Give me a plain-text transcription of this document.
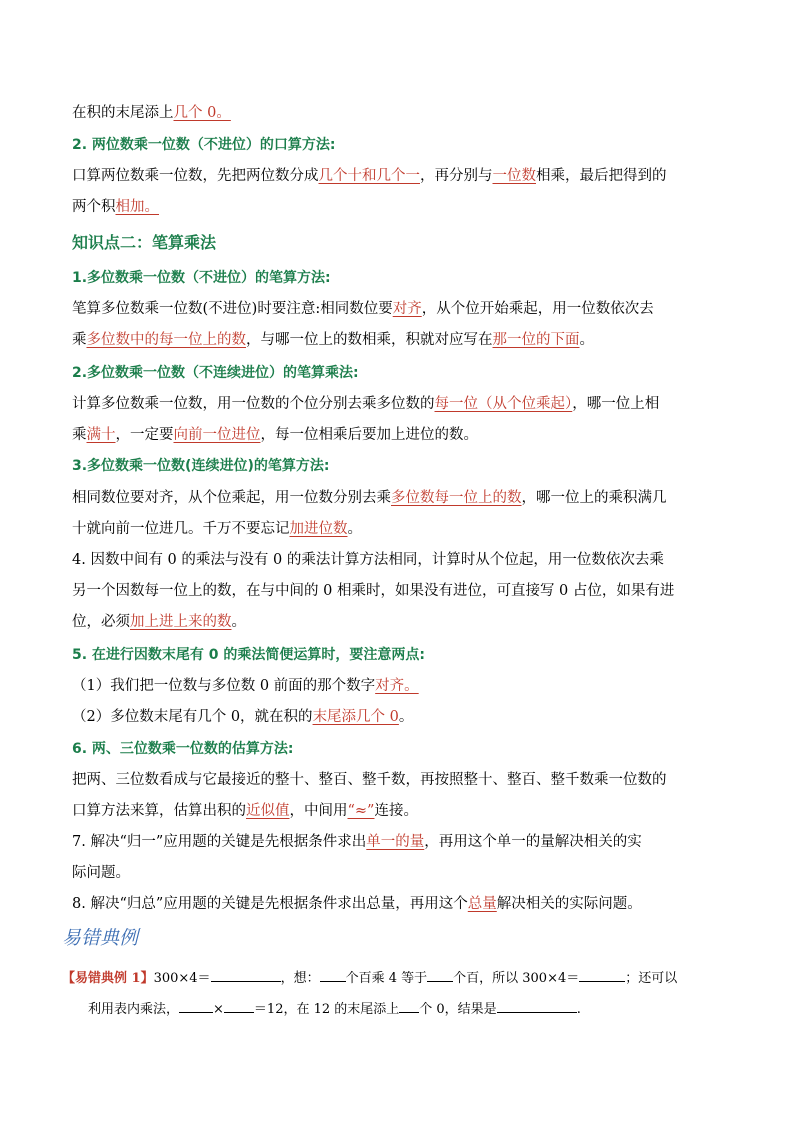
在积的末尾添上几个 0。
2. 两位数乘一位数（不进位）的口算方法:
口算两位数乘一位数，先把两位数分成几个十和几个一，再分别与一位数相乘，最后把得到的
两个积相加。
知识点二：笔算乘法
1.多位数乘一位数（不进位）的笔算方法:
笔算多位数乘一位数(不进位)时要注意:相同数位要对齐，从个位开始乘起，用一位数依次去
乘多位数中的每一位上的数，与哪一位上的数相乘，积就对应写在那一位的下面。
2.多位数乘一位数（不连续进位）的笔算乘法:
计算多位数乘一位数，用一位数的个位分别去乘多位数的每一位（从个位乘起），哪一位上相
乘满十，一定要向前一位进位，每一位相乘后要加上进位的数。
3.多位数乘一位数(连续进位)的笔算方法:
相同数位要对齐，从个位乘起，用一位数分别去乘多位数每一位上的数，哪一位上的乘积满几
十就向前一位进几。千万不要忘记加进位数。
4. 因数中间有 0 的乘法与没有 0 的乘法计算方法相同，计算时从个位起，用一位数依次去乘
另一个因数每一位上的数，在与中间的 0 相乘时，如果没有进位，可直接写 0 占位，如果有进
位，必须加上进上来的数。
5. 在进行因数末尾有 0 的乘法简便运算时，要注意两点:
（1）我们把一位数与多位数 0 前面的那个数字对齐。
（2）多位数末尾有几个 0，就在积的末尾添几个 0。
6. 两、三位数乘一位数的估算方法:
把两、三位数看成与它最接近的整十、整百、整千数，再按照整十、整百、整千数乘一位数的
口算方法来算，估算出积的近似值，中间用“≈”连接。
7. 解决“归一”应用题的关键是先根据条件求出单一的量，再用这个单一的量解决相关的实
际问题。
8. 解决“归总”应用题的关键是先根据条件求出总量，再用这个总量解决相关的实际问题。
易错典例
【易错典例 1】300×4＝	，想： 个百乘 4 等于 个百，所以 300×4＝	；还可以
利用表内乘法，	× ＝12，在 12 的末尾添上 个 0，结果是	.
